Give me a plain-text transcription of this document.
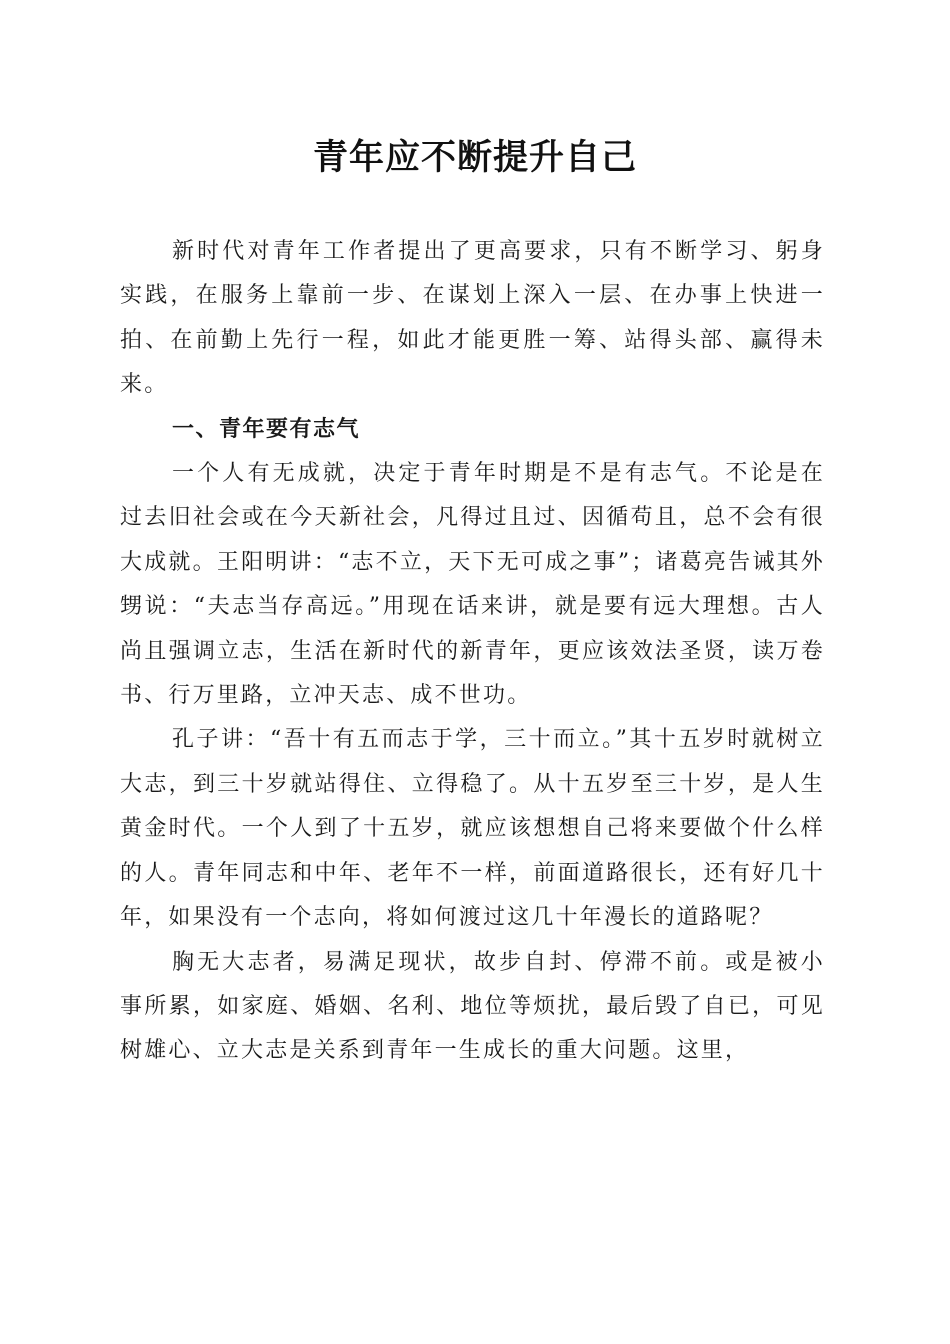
青年应不断提升自己

新时代对青年工作者提出了更高要求，只有不断学习、躬身实践，在服务上靠前一步、在谋划上深入一层、在办事上快进一拍、在前勤上先行一程，如此才能更胜一筹、站得头部、赢得未来。

一、青年要有志气

一个人有无成就，决定于青年时期是不是有志气。不论是在过去旧社会或在今天新社会，凡得过且过、因循苟且，总不会有很大成就。王阳明讲：“志不立，天下无可成之事”；诸葛亮告诫其外甥说：“夫志当存高远。”用现在话来讲，就是要有远大理想。古人尚且强调立志，生活在新时代的新青年，更应该效法圣贤，读万卷书、行万里路，立冲天志、成不世功。

孔子讲：“吾十有五而志于学，三十而立。”其十五岁时就树立大志，到三十岁就站得住、立得稳了。从十五岁至三十岁，是人生黄金时代。一个人到了十五岁，就应该想想自己将来要做个什么样的人。青年同志和中年、老年不一样，前面道路很长，还有好几十年，如果没有一个志向，将如何渡过这几十年漫长的道路呢？

胸无大志者，易满足现状，故步自封、停滞不前。或是被小事所累，如家庭、婚姻、名利、地位等烦扰，最后毁了自已，可见树雄心、立大志是关系到青年一生成长的重大问题。这里，
